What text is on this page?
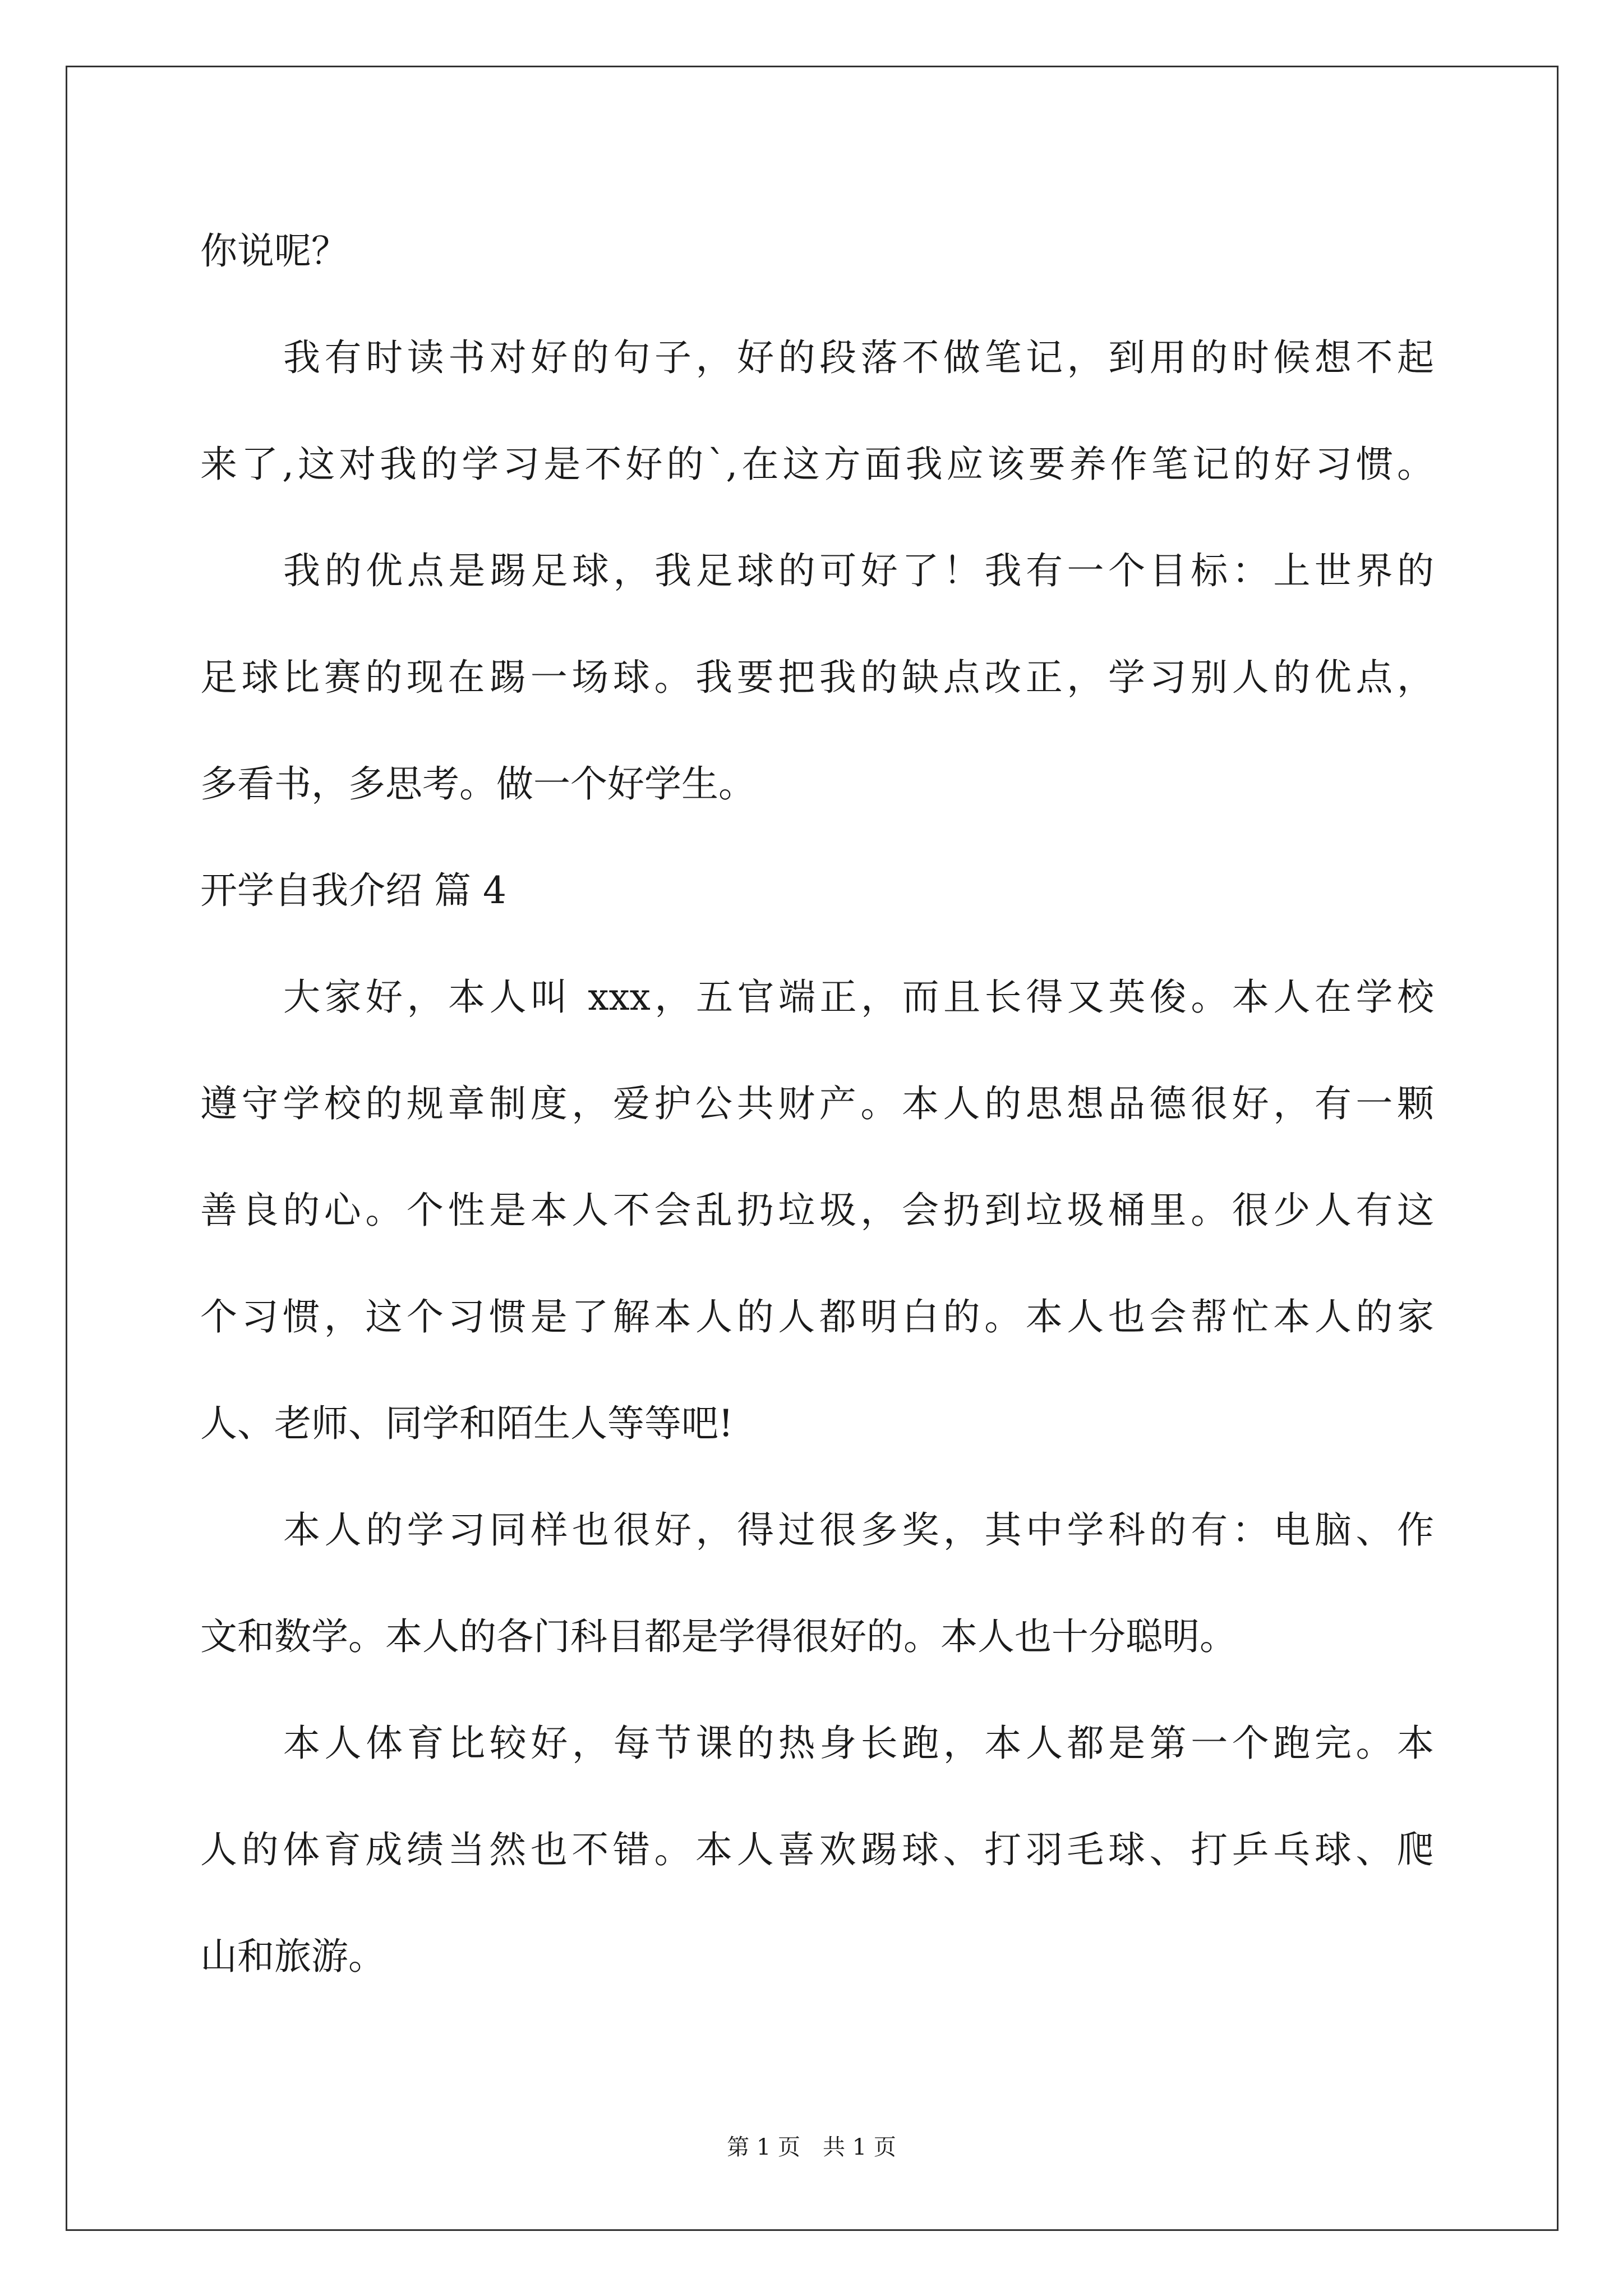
你说呢？
我有时读书对好的句子，好的段落不做笔记，到用的时候想不起
来了,这对我的学习是不好的`,在这方面我应该要养作笔记的好习惯。
我的优点是踢足球，我足球的可好了！我有一个目标：上世界的
足球比赛的现在踢一场球。我要把我的缺点改正，学习别人的优点，
多看书，多思考。做一个好学生。
开学自我介绍 篇 4
大家好，本人叫 xxx，五官端正，而且长得又英俊。本人在学校
遵守学校的规章制度，爱护公共财产。本人的思想品德很好，有一颗
善良的心。个性是本人不会乱扔垃圾，会扔到垃圾桶里。很少人有这
个习惯，这个习惯是了解本人的人都明白的。本人也会帮忙本人的家
人、老师、同学和陌生人等等吧!
本人的学习同样也很好，得过很多奖，其中学科的有：电脑、作
文和数学。本人的各门科目都是学得很好的。本人也十分聪明。
本人体育比较好，每节课的热身长跑，本人都是第一个跑完。本
人的体育成绩当然也不错。本人喜欢踢球、打羽毛球、打乒乓球、爬
山和旅游。
第 1 页　共 1 页
